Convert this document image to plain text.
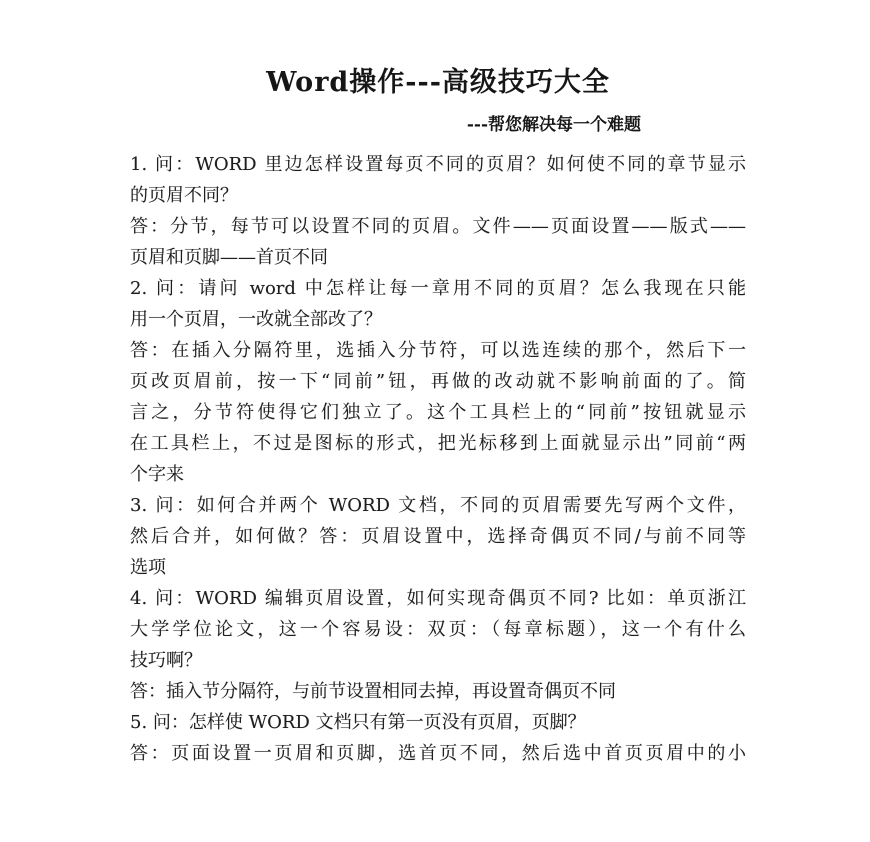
Word操作---高级技巧大全
---帮您解决每一个难题
1. 问：WORD 里边怎样设置每页不同的页眉？如何使不同的章节显示
的页眉不同？
答：分节，每节可以设置不同的页眉。文件——页面设置——版式——
页眉和页脚——首页不同
2. 问：请问 word 中怎样让每一章用不同的页眉？怎么我现在只能
用一个页眉，一改就全部改了？
答：在插入分隔符里，选插入分节符，可以选连续的那个，然后下一
页改页眉前，按一下“同前”钮，再做的改动就不影响前面的了。简
言之，分节符使得它们独立了。这个工具栏上的“同前”按钮就显示
在工具栏上，不过是图标的形式，把光标移到上面就显示出”同前“两
个字来
3. 问：如何合并两个 WORD 文档，不同的页眉需要先写两个文件，
然后合并，如何做？答：页眉设置中，选择奇偶页不同/与前不同等
选项
4. 问：WORD 编辑页眉设置，如何实现奇偶页不同? 比如：单页浙江
大学学位论文，这一个容易设：双页：（每章标题），这一个有什么
技巧啊？
答：插入节分隔符，与前节设置相同去掉，再设置奇偶页不同
5. 问：怎样使 WORD 文档只有第一页没有页眉，页脚？
答：页面设置一页眉和页脚，选首页不同，然后选中首页页眉中的小
